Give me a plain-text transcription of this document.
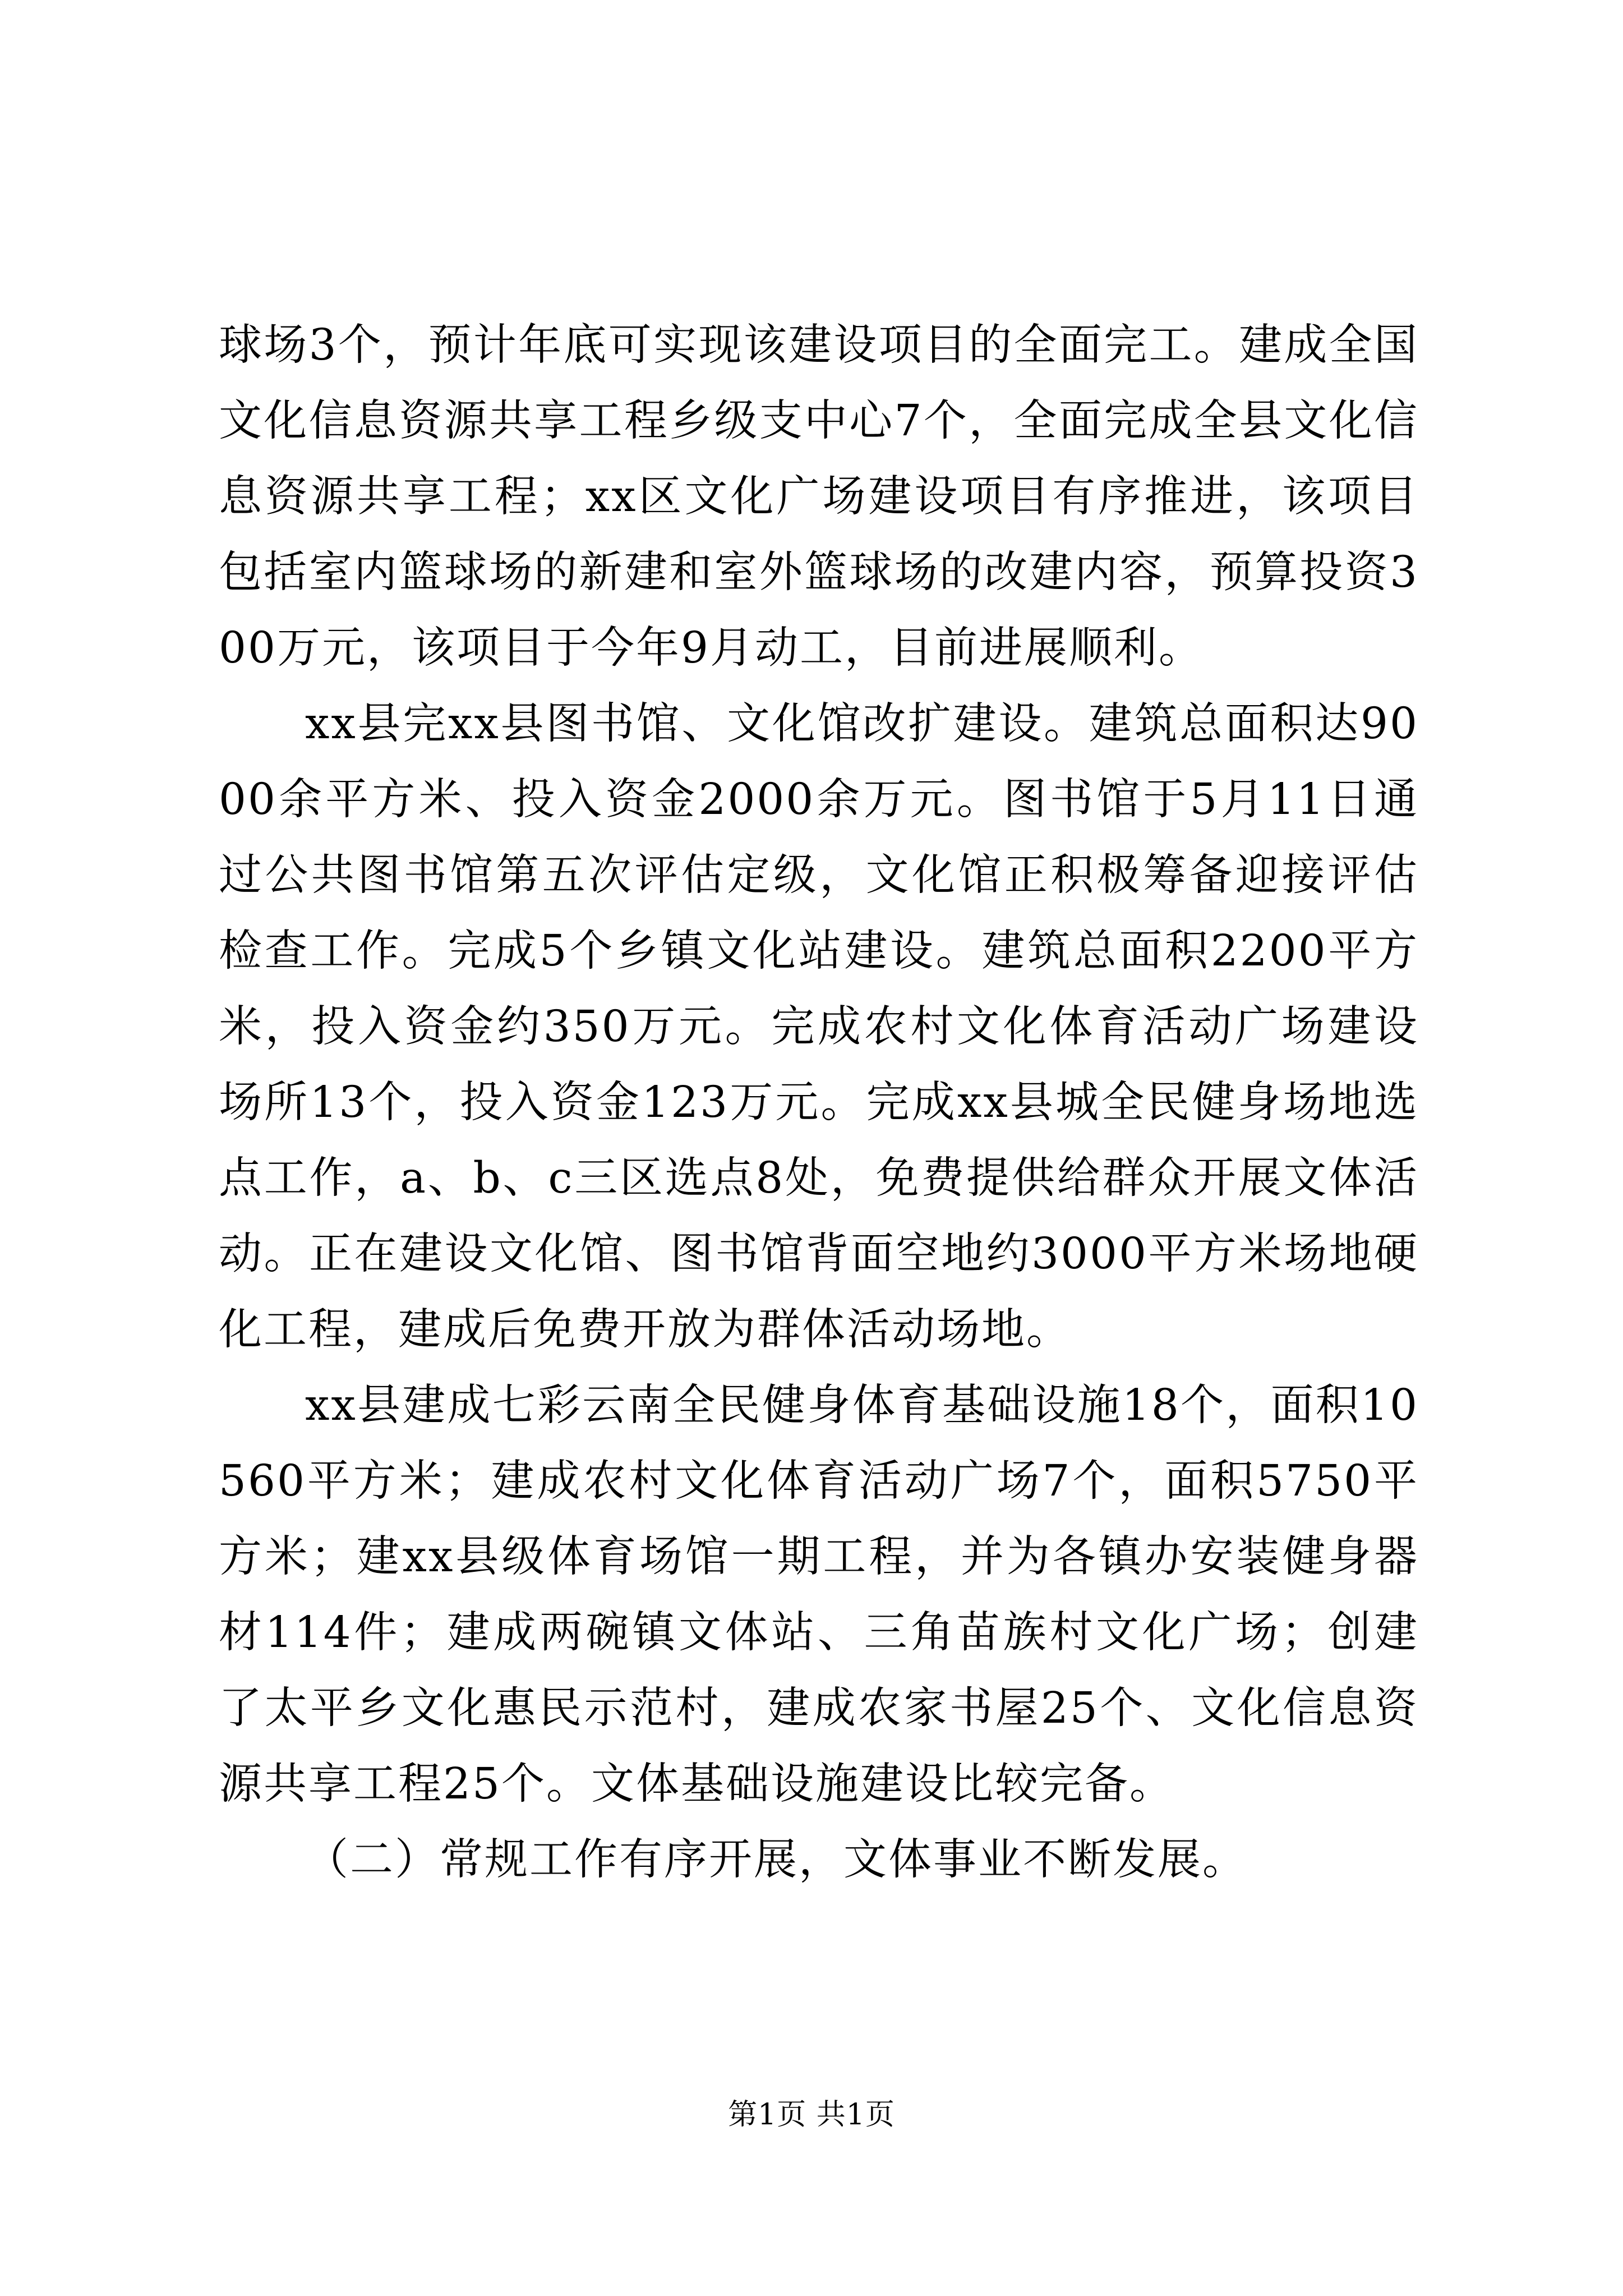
球场3个，预计年底可实现该建设项目的全面完工。建成全国文化信息资源共享工程乡级支中心7个，全面完成全县文化信息资源共享工程；xx区文化广场建设项目有序推进，该项目包括室内篮球场的新建和室外篮球场的改建内容，预算投资300万元，该项目于今年9月动工，目前进展顺利。

xx县完xx县图书馆、文化馆改扩建设。建筑总面积达9000余平方米、投入资金2000余万元。图书馆于5月11日通过公共图书馆第五次评估定级，文化馆正积极筹备迎接评估检查工作。完成5个乡镇文化站建设。建筑总面积2200平方米，投入资金约350万元。完成农村文化体育活动广场建设场所13个，投入资金123万元。完成xx县城全民健身场地选点工作，a、b、c三区选点8处，免费提供给群众开展文体活动。正在建设文化馆、图书馆背面空地约3000平方米场地硬化工程，建成后免费开放为群体活动场地。

xx县建成七彩云南全民健身体育基础设施18个，面积10560平方米；建成农村文化体育活动广场7个，面积5750平方米；建xx县级体育场馆一期工程，并为各镇办安装健身器材114件；建成两碗镇文体站、三角苗族村文化广场；创建了太平乡文化惠民示范村，建成农家书屋25个、文化信息资源共享工程25个。文体基础设施建设比较完备。

（二）常规工作有序开展，文体事业不断发展。

第1页 共1页
